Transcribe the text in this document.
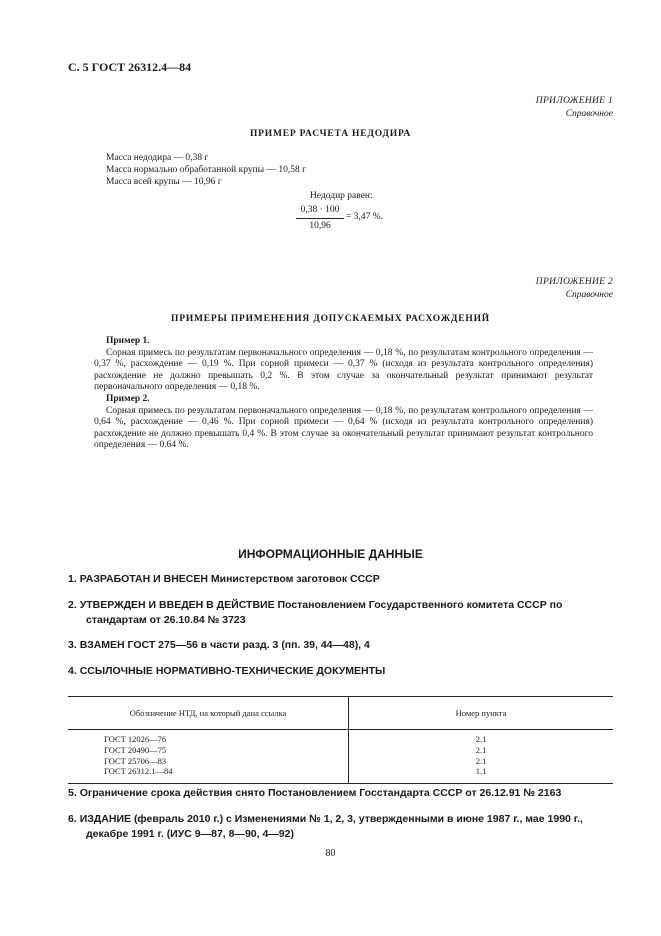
С. 5 ГОСТ 26312.4—84
ПРИЛОЖЕНИЕ 1
Справочное
ПРИМЕР РАСЧЕТА НЕДОДИРА
Масса недодира — 0,38 г
Масса нормально обработанной крупы — 10,58 г
Масса всей крупы — 10,96 г
Недодир равен:
0,38 · 100
10,96
= 3,47 %.
ПРИЛОЖЕНИЕ 2
Справочное
ПРИМЕРЫ ПРИМЕНЕНИЯ ДОПУСКАЕМЫХ РАСХОЖДЕНИЙ
Пример 1.
Сорная примесь по результатам первоначального определения — 0,18 %, по результатам контрольного определения — 0,37 %, расхождение — 0,19 %. При сорной примеси — 0,37 % (исходя из результата контрольного определения) расхождение не должно превышать 0,2 %. В этом случае за окончательный результат принимают результат первоначального определения — 0,18 %.
Пример 2.
Сорная примесь по результатам первоначального определения — 0,18 %, по результатам контрольного определения — 0,64 %, расхождение — 0,46 %. При сорной примеси — 0,64 % (исходя из результата контрольного определения) расхождение не должно превышать 0,4 %. В этом случае за окончательный результат принимают результат контрольного определения — 0.64 %.
ИНФОРМАЦИОННЫЕ ДАННЫЕ
1. РАЗРАБОТАН И ВНЕСЕН Министерством заготовок СССР
2. УТВЕРЖДЕН И ВВЕДЕН В ДЕЙСТВИЕ Постановлением Государственного комитета СССР по стандартам от 26.10.84 № 3723
3. ВЗАМЕН ГОСТ 275—56 в части разд. 3 (пп. 39, 44—48), 4
4. ССЫЛОЧНЫЕ НОРМАТИВНО-ТЕХНИЧЕСКИЕ ДОКУМЕНТЫ
Обозначение НТД, на который дана ссылка	Номер пункта
ГОСТ 12026—76	2.1
ГОСТ 20490—75	2.1
ГОСТ 25706—83	2.1
ГОСТ 26312.1—84	1.1
5. Ограничение срока действия снято Постановлением Госстандарта СССР от 26.12.91 № 2163
6. ИЗДАНИЕ (февраль 2010 г.) с Изменениями № 1, 2, 3, утвержденными в июне 1987 г., мае 1990 г., декабре 1991 г. (ИУС 9—87, 8—90, 4—92)
80
